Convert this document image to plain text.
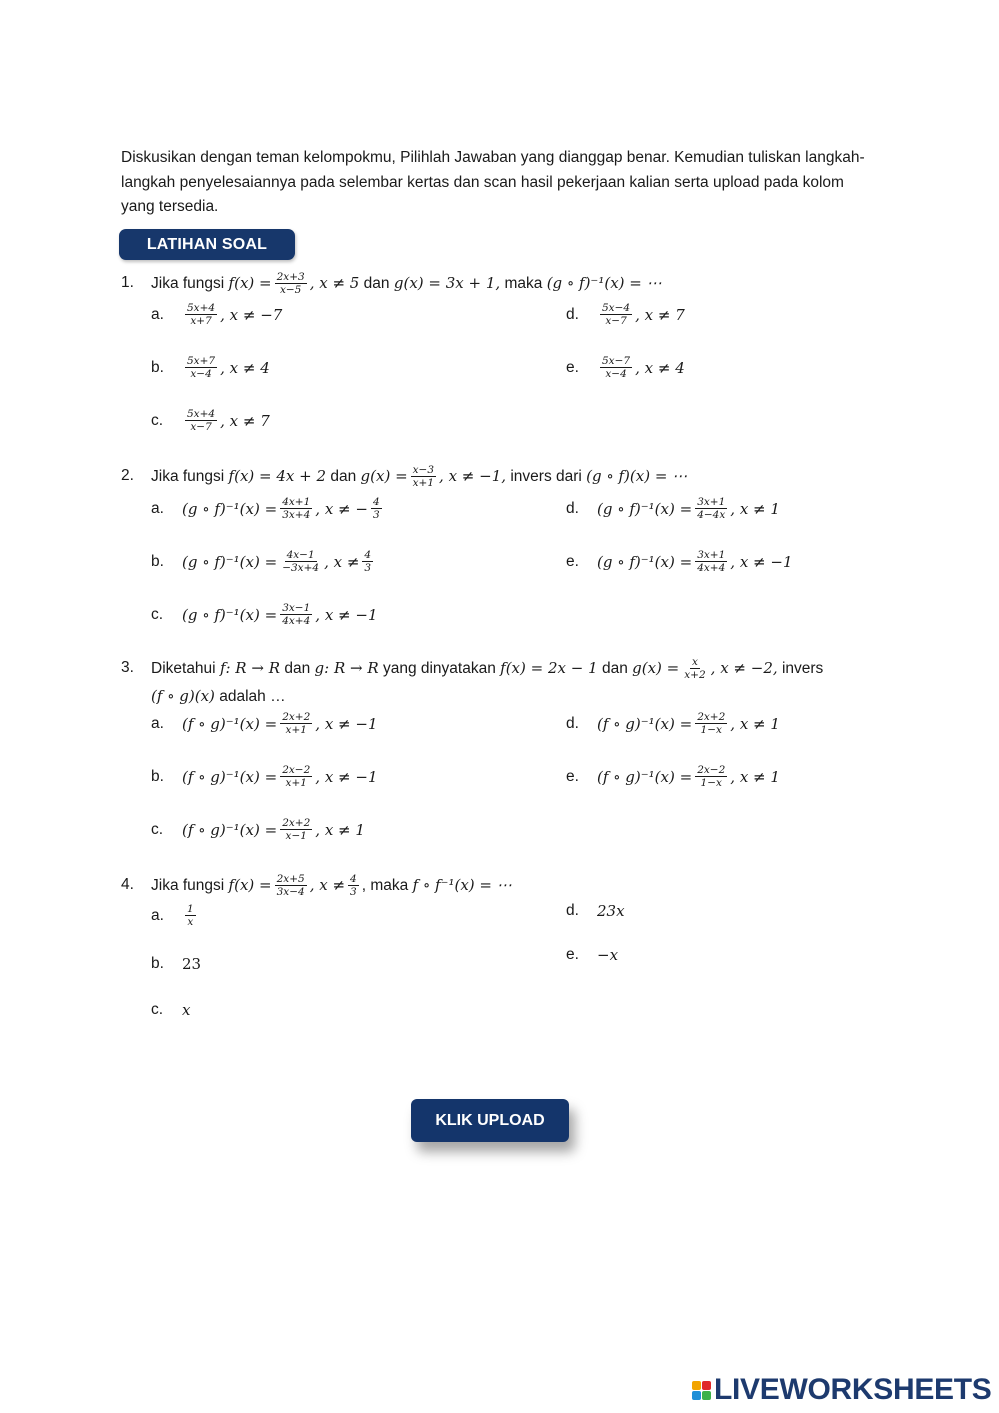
Diskusikan dengan teman kelompokmu, Pilihlah Jawaban yang dianggap benar. Kemudian tuliskan langkah-langkah penyelesaiannya pada selembar kertas dan scan hasil pekerjaan kalian serta upload pada kolom yang tersedia.
LATIHAN SOAL
1. Jika fungsi $f(x) = \frac{2x+3}{x-5}$ , x ≠ 5 dan g(x) = 3x + 1, maka (g ∘ f)⁻¹(x) = ⋯
a.	$\frac{5x+4}{x+7}$ , x ≠ −7
b.	$\frac{5x+7}{x-4}$ , x ≠ 4
c.	$\frac{5x+4}{x-7}$ , x ≠ 7
d.	$\frac{5x-4}{x-7}$ , x ≠ 7
e.	$\frac{5x-7}{x-4}$ , x ≠ 4
2. Jika fungsi f(x) = 4x + 2 dan $g(x) = \frac{x-3}{x+1}$ , x ≠ −1, invers dari (g ∘ f)(x) = ⋯
a.	(g ∘ $f)^{-1}(x) = \frac{4x+1}{3x+4}$ , x ≠ − $\frac{4}{3}$
b.	(g ∘ $f)^{-1}(x) = \frac{4x-1}{-3x+4}$ , $x \ne \frac{4}{3}$
c.	(g ∘ $f)^{-1}(x) = \frac{3x-1}{4x+4}$ , x ≠ −1
d.	(g ∘ $f)^{-1}(x) = \frac{3x+1}{4-4x}$ , x ≠ 1
e.	(g ∘ $f)^{-1}(x) = \frac{3x+1}{4x+4}$ , x ≠ −1
3. Diketahui f: R → R dan g: R → R yang dinyatakan f(x) = 2x − 1 dan $g(x) = \frac{x}{x+2}$ , x ≠ −2, invers
(f ∘ g)(x) adalah …
a.	(f ∘ $g)^{-1}(x) = \frac{2x+2}{x+1}$ , x ≠ −1
b.	(f ∘ $g)^{-1}(x) = \frac{2x-2}{x+1}$ , x ≠ −1
c.	(f ∘ $g)^{-1}(x) = \frac{2x+2}{x-1}$ , x ≠ 1
d.	(f ∘ $g)^{-1}(x) = \frac{2x+2}{1-x}$ , x ≠ 1
e.	(f ∘ $g)^{-1}(x) = \frac{2x-2}{1-x}$ , x ≠ 1
4. Jika fungsi $f(x) = \frac{2x+5}{3x-4}$ , $x \ne \frac{4}{3}$ , maka f ∘ f⁻¹(x) = ⋯
a.	$\frac{1}{x}$
b.	23
c.	x
d.	23x
e.	−x
KLIK UPLOAD
LIVEWORKSHEETS
